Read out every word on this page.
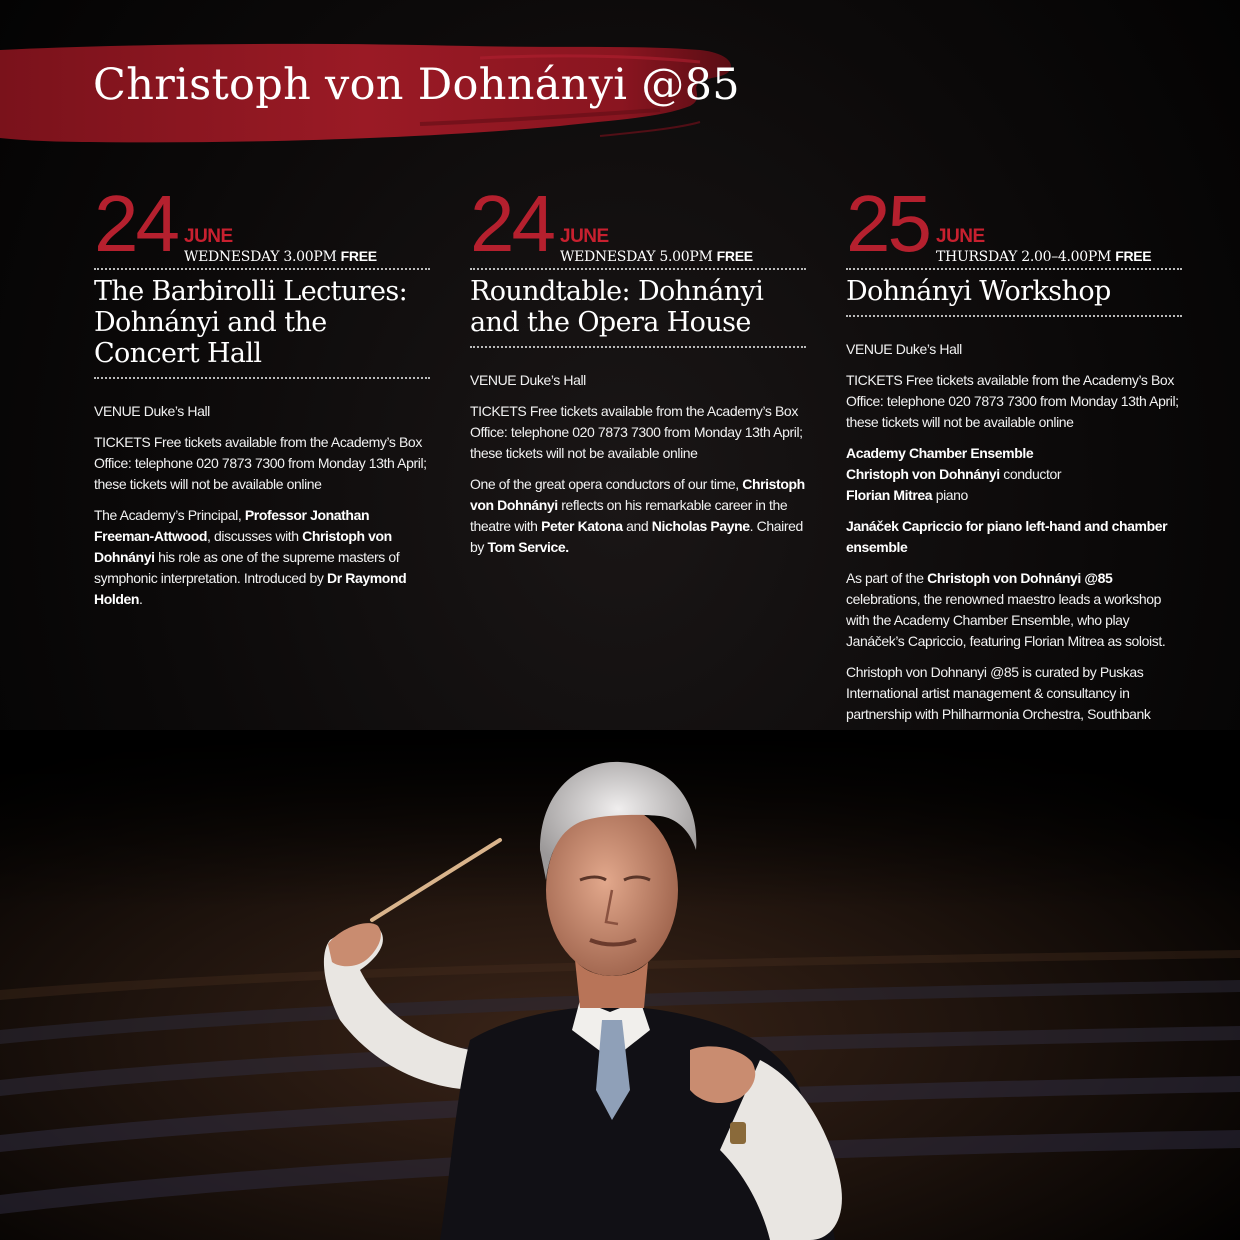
Christoph von Dohnányi @85
24 JUNE
WEDNESDAY 3.00PM FREE
The Barbirolli Lectures:
Dohnányi and the
Concert Hall

VENUE Duke’s Hall

TICKETS Free tickets available from the Academy’s Box Office: telephone 020 7873 7300 from Monday 13th April; these tickets will not be available online

The Academy’s Principal, Professor Jonathan Freeman-Attwood, discusses with Christoph von Dohnányi his role as one of the supreme masters of symphonic interpretation. Introduced by Dr Raymond Holden.

24 JUNE
WEDNESDAY 5.00PM FREE
Roundtable: Dohnányi
and the Opera House

VENUE Duke’s Hall

TICKETS Free tickets available from the Academy’s Box Office: telephone 020 7873 7300 from Monday 13th April; these tickets will not be available online

One of the great opera conductors of our time, Christoph von Dohnányi reflects on his remarkable career in the theatre with Peter Katona and Nicholas Payne. Chaired by Tom Service.

25 JUNE
THURSDAY 2.00–4.00PM FREE
Dohnányi Workshop

VENUE Duke’s Hall

TICKETS Free tickets available from the Academy’s Box Office: telephone 020 7873 7300 from Monday 13th April; these tickets will not be available online

Academy Chamber Ensemble
Christoph von Dohnányi conductor
Florian Mitrea piano

Janáček Capriccio for piano left-hand and chamber ensemble

As part of the Christoph von Dohnányi @85 celebrations, the renowned maestro leads a workshop with the Academy Chamber Ensemble, who play Janáček’s Capriccio, featuring Florian Mitrea as soloist.

Christoph von Dohnanyi @85 is curated by Puskas International artist management & consultancy in partnership with Philharmonia Orchestra, Southbank
